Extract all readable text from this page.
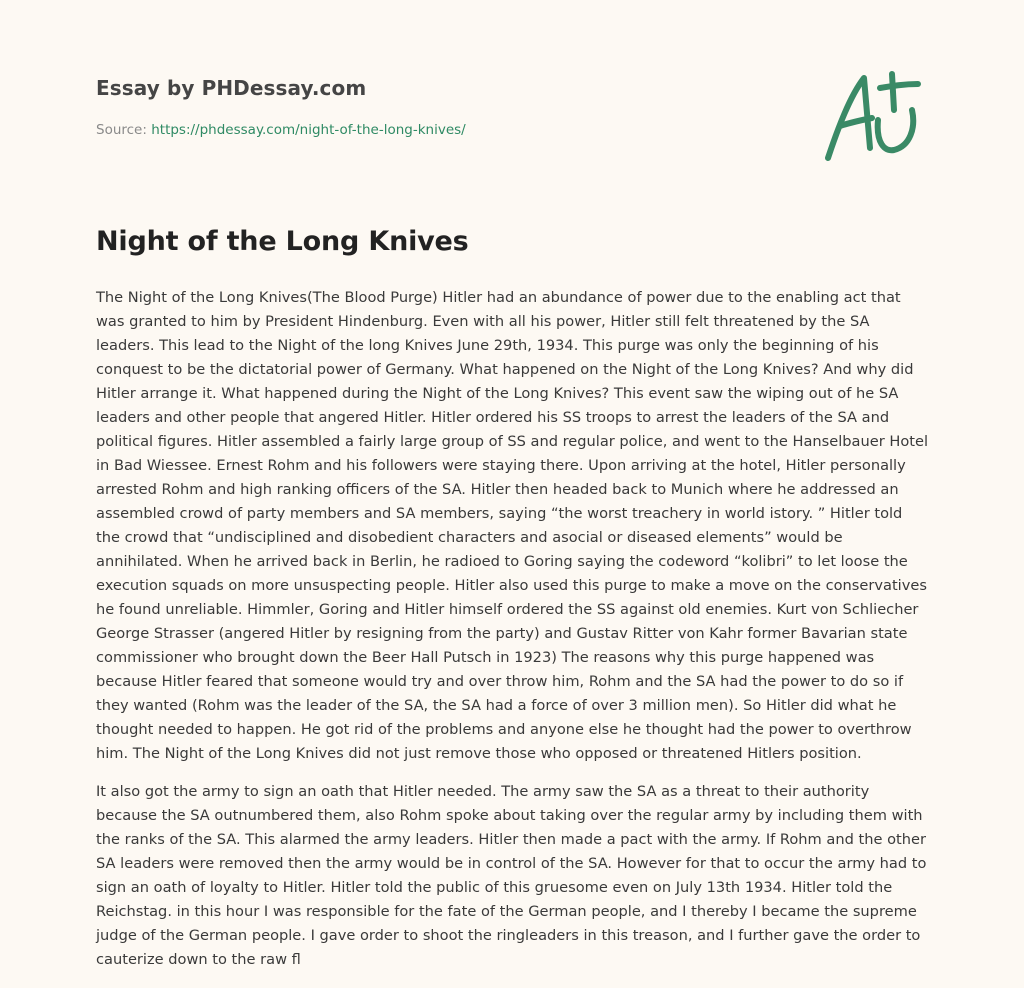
Essay by PHDessay.com
Source: https://phdessay.com/night-of-the-long-knives/
Night of the Long Knives

The Night of the Long Knives(The Blood Purge) Hitler had an abundance of power due to the enabling act that was granted to him by President Hindenburg. Even with all his power, Hitler still felt threatened by the SA leaders. This lead to the Night of the long Knives June 29th, 1934. This purge was only the beginning of his conquest to be the dictatorial power of Germany. What happened on the Night of the Long Knives? And why did Hitler arrange it. What happened during the Night of the Long Knives? This event saw the wiping out of he SA leaders and other people that angered Hitler. Hitler ordered his SS troops to arrest the leaders of the SA and political figures. Hitler assembled a fairly large group of SS and regular police, and went to the Hanselbauer Hotel in Bad Wiessee. Ernest Rohm and his followers were staying there. Upon arriving at the hotel, Hitler personally arrested Rohm and high ranking officers of the SA. Hitler then headed back to Munich where he addressed an assembled crowd of party members and SA members, saying “the worst treachery in world istory. ” Hitler told the crowd that “undisciplined and disobedient characters and asocial or diseased elements” would be annihilated. When he arrived back in Berlin, he radioed to Goring saying the codeword “kolibri” to let loose the execution squads on more unsuspecting people. Hitler also used this purge to make a move on the conservatives he found unreliable. Himmler, Goring and Hitler himself ordered the SS against old enemies. Kurt von Schliecher George Strasser (angered Hitler by resigning from the party) and Gustav Ritter von Kahr former Bavarian state commissioner who brought down the Beer Hall Putsch in 1923) The reasons why this purge happened was because Hitler feared that someone would try and over throw him, Rohm and the SA had the power to do so if they wanted (Rohm was the leader of the SA, the SA had a force of over 3 million men). So Hitler did what he thought needed to happen. He got rid of the problems and anyone else he thought had the power to overthrow him. The Night of the Long Knives did not just remove those who opposed or threatened Hitlers position.

It also got the army to sign an oath that Hitler needed. The army saw the SA as a threat to their authority because the SA outnumbered them, also Rohm spoke about taking over the regular army by including them with the ranks of the SA. This alarmed the army leaders. Hitler then made a pact with the army. If Rohm and the other SA leaders were removed then the army would be in control of the SA. However for that to occur the army had to sign an oath of loyalty to Hitler. Hitler told the public of this gruesome even on July 13th 1934. Hitler told the Reichstag. in this hour I was responsible for the fate of the German people, and I thereby I became the supreme judge of the German people. I gave order to shoot the ringleaders in this treason, and I further gave the order to cauterize down to the raw fl
